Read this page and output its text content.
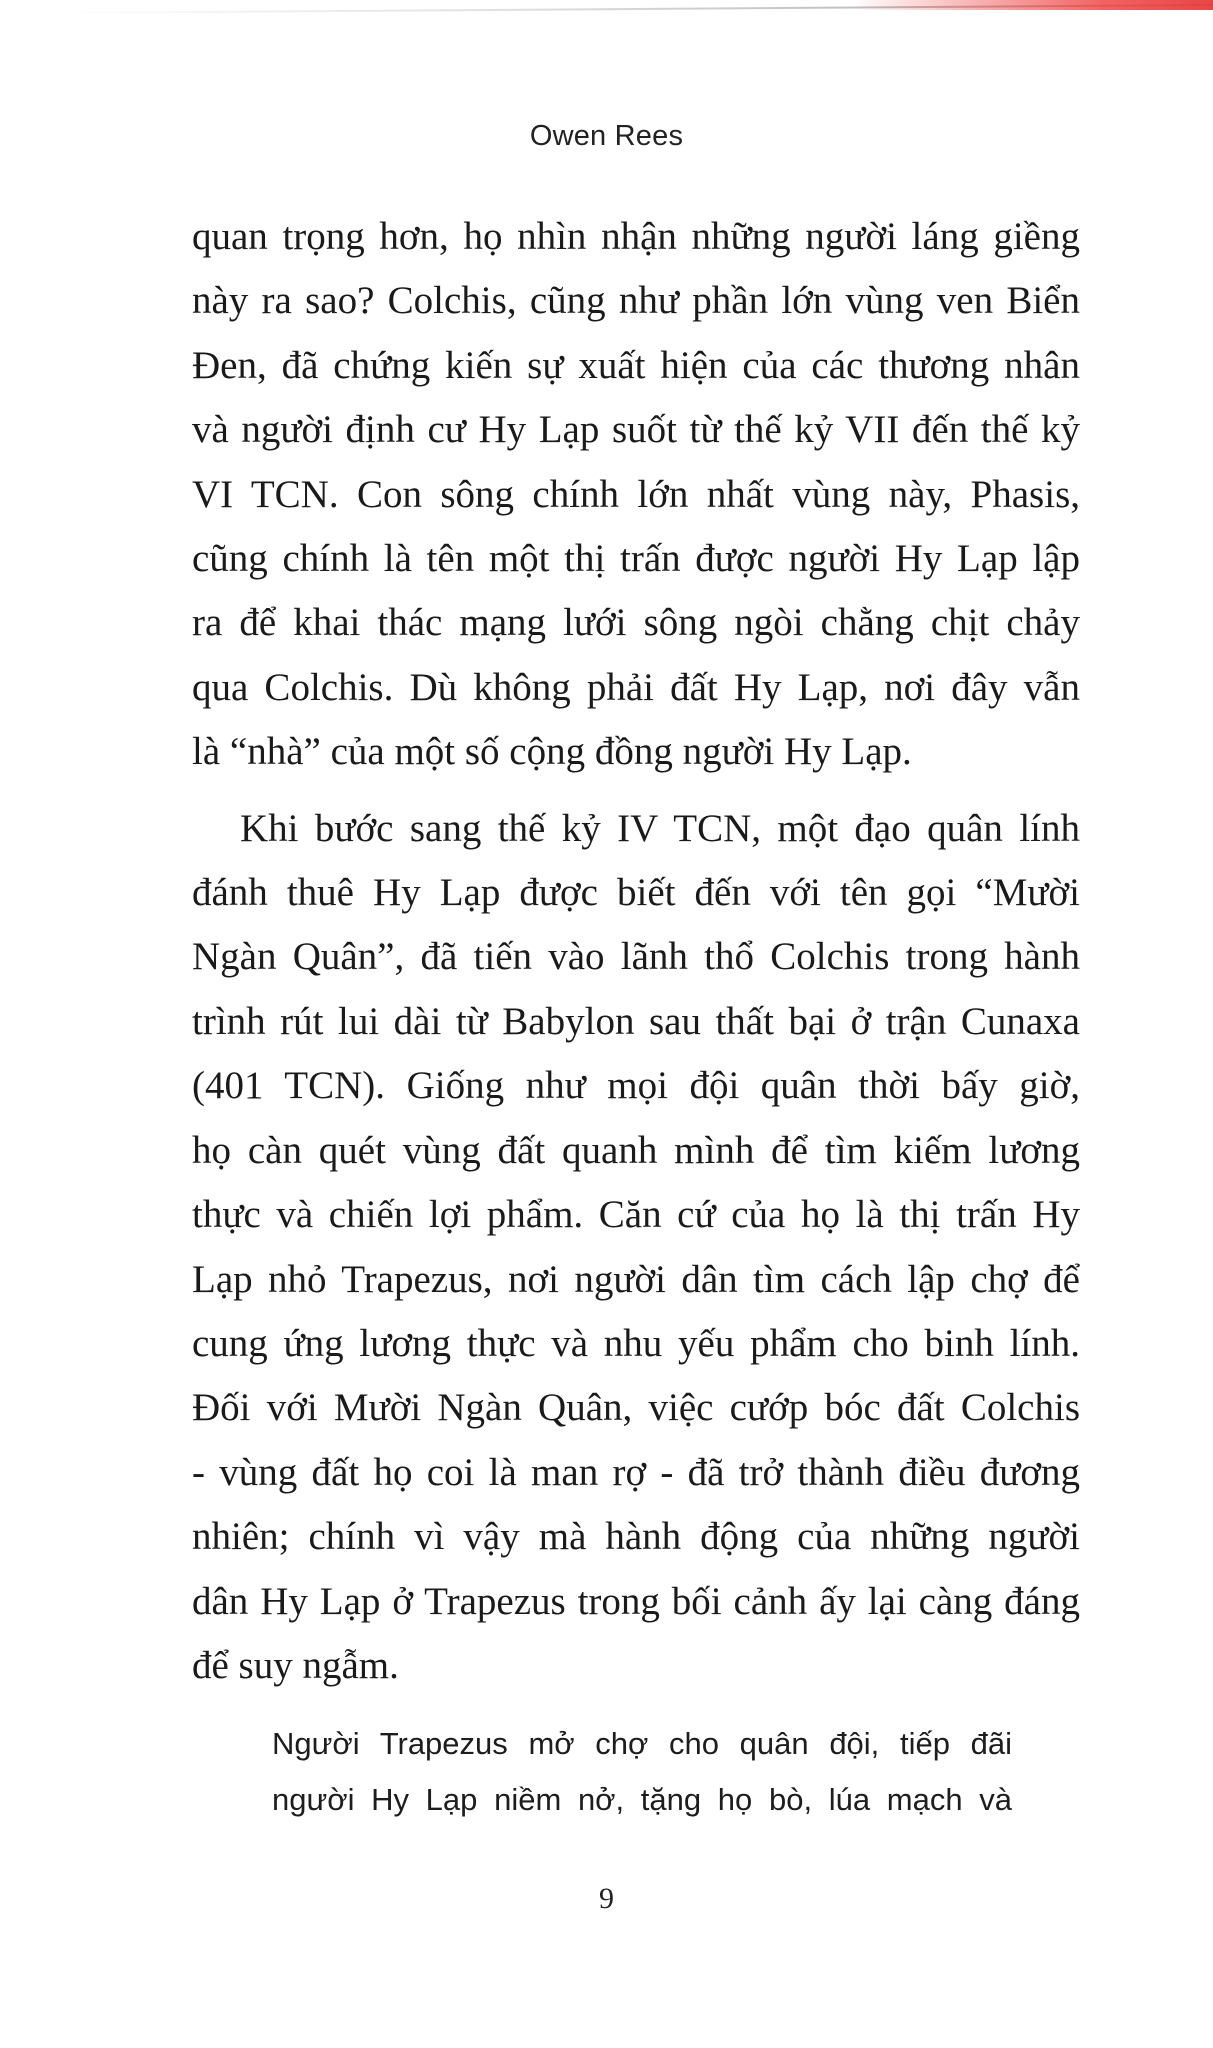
Owen Rees

quan trọng hơn, họ nhìn nhận những người láng giềng
này ra sao? Colchis, cũng như phần lớn vùng ven Biển
Đen, đã chứng kiến sự xuất hiện của các thương nhân
và người định cư Hy Lạp suốt từ thế kỷ VII đến thế kỷ
VI TCN. Con sông chính lớn nhất vùng này, Phasis,
cũng chính là tên một thị trấn được người Hy Lạp lập
ra để khai thác mạng lưới sông ngòi chằng chịt chảy
qua Colchis. Dù không phải đất Hy Lạp, nơi đây vẫn
là “nhà” của một số cộng đồng người Hy Lạp.

Khi bước sang thế kỷ IV TCN, một đạo quân lính
đánh thuê Hy Lạp được biết đến với tên gọi “Mười
Ngàn Quân”, đã tiến vào lãnh thổ Colchis trong hành
trình rút lui dài từ Babylon sau thất bại ở trận Cunaxa
(401 TCN). Giống như mọi đội quân thời bấy giờ,
họ càn quét vùng đất quanh mình để tìm kiếm lương
thực và chiến lợi phẩm. Căn cứ của họ là thị trấn Hy
Lạp nhỏ Trapezus, nơi người dân tìm cách lập chợ để
cung ứng lương thực và nhu yếu phẩm cho binh lính.
Đối với Mười Ngàn Quân, việc cướp bóc đất Colchis
- vùng đất họ coi là man rợ - đã trở thành điều đương
nhiên; chính vì vậy mà hành động của những người
dân Hy Lạp ở Trapezus trong bối cảnh ấy lại càng đáng
để suy ngẫm.

Người Trapezus mở chợ cho quân đội, tiếp đãi
người Hy Lạp niềm nở, tặng họ bò, lúa mạch và
9
